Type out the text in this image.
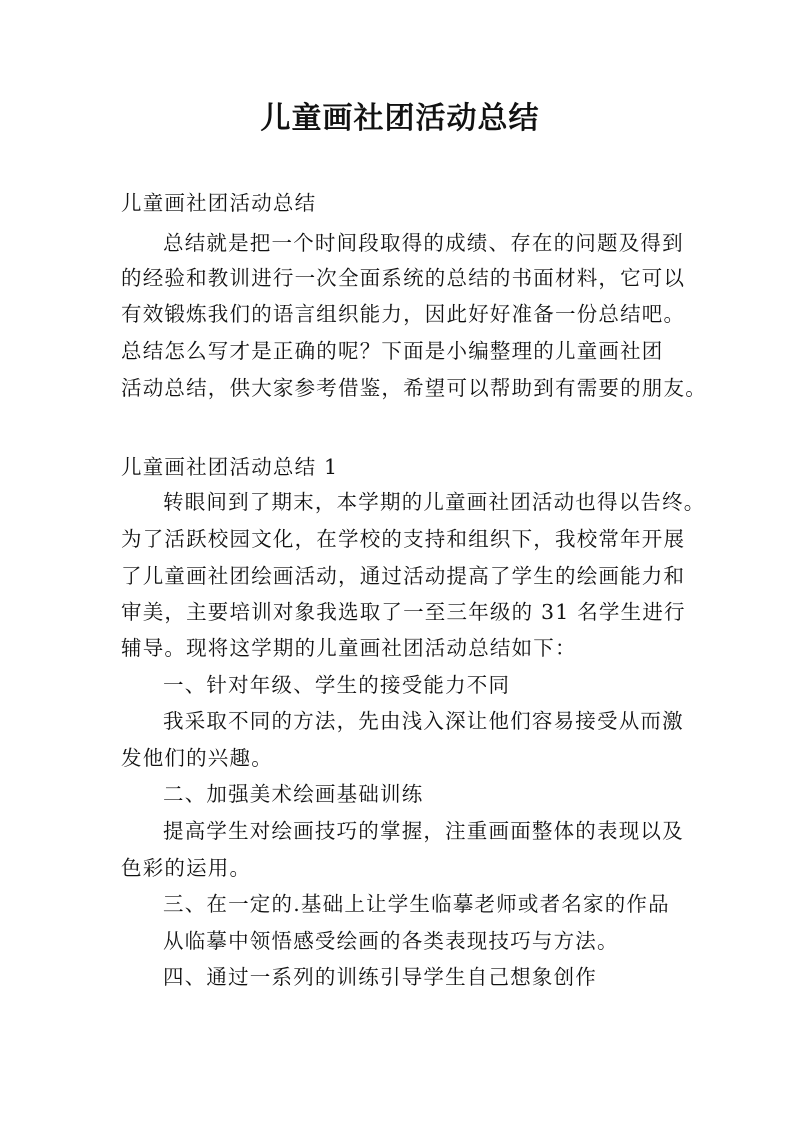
儿童画社团活动总结
儿童画社团活动总结
总结就是把一个时间段取得的成绩、存在的问题及得到
的经验和教训进行一次全面系统的总结的书面材料，它可以
有效锻炼我们的语言组织能力，因此好好准备一份总结吧。
总结怎么写才是正确的呢？下面是小编整理的儿童画社团
活动总结，供大家参考借鉴，希望可以帮助到有需要的朋友。
儿童画社团活动总结 1
转眼间到了期末，本学期的儿童画社团活动也得以告终。
为了活跃校园文化，在学校的支持和组织下，我校常年开展
了儿童画社团绘画活动，通过活动提高了学生的绘画能力和
审美，主要培训对象我选取了一至三年级的 31 名学生进行
辅导。现将这学期的儿童画社团活动总结如下：
一、针对年级、学生的接受能力不同
我采取不同的方法，先由浅入深让他们容易接受从而激
发他们的兴趣。
二、加强美术绘画基础训练
提高学生对绘画技巧的掌握，注重画面整体的表现以及
色彩的运用。
三、在一定的.基础上让学生临摹老师或者名家的作品
从临摹中领悟感受绘画的各类表现技巧与方法。
四、通过一系列的训练引导学生自己想象创作
